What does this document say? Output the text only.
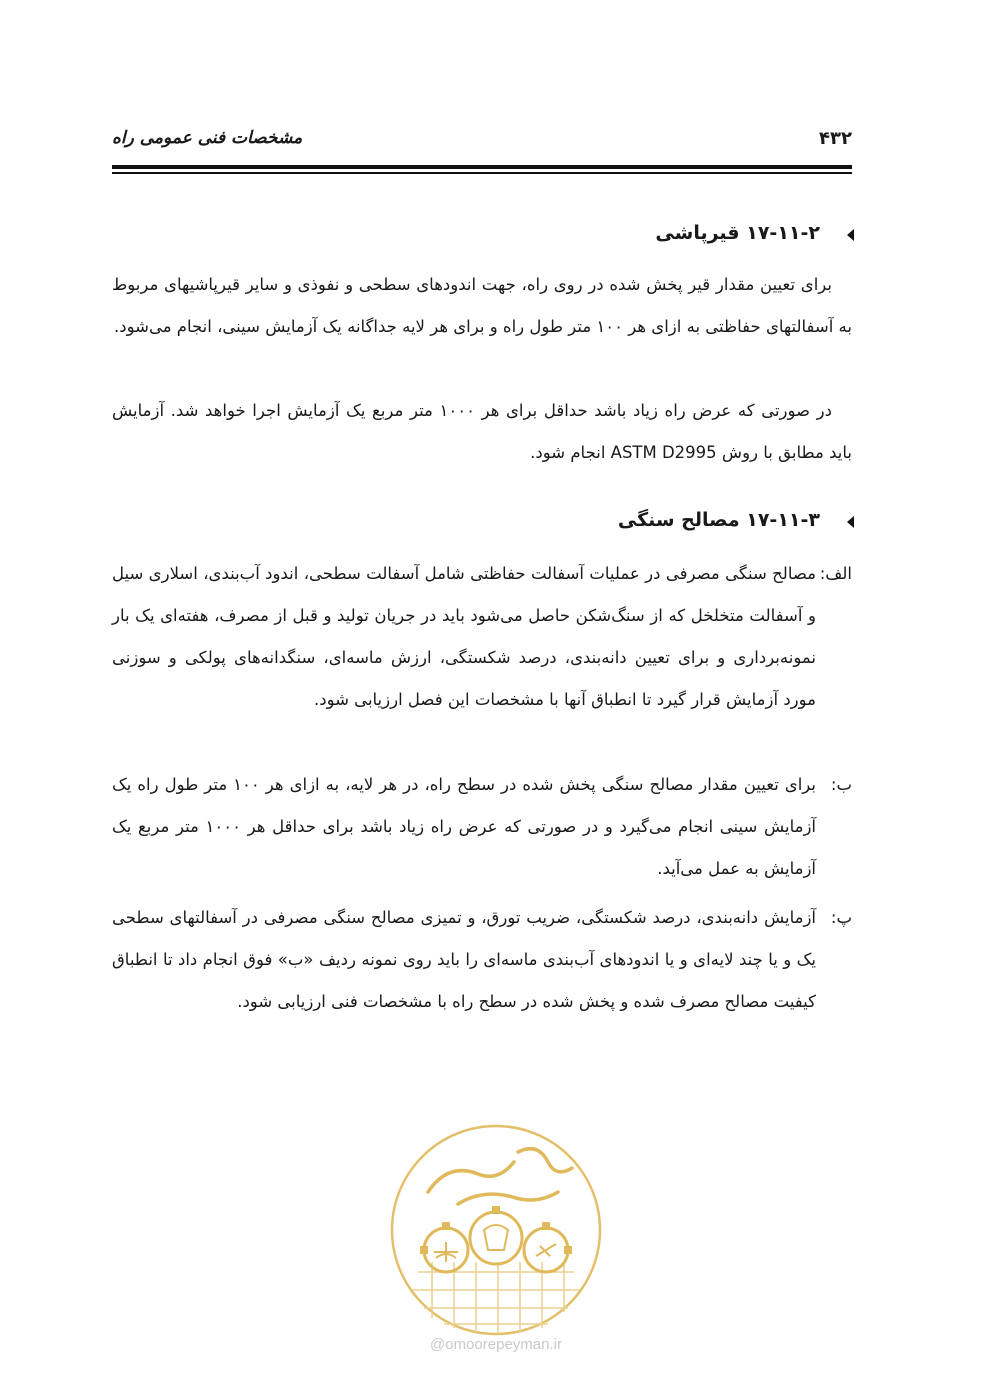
مشخصات فنی عمومی راه	۴۳۲
۱۷-۱۱-۲ قیرپاشی
برای تعیین مقدار قیر پخش شده در روی راه، جهت اندودهای سطحی و نفوذی و سایر قیرپاشیهای مربوط به آسفالتهای حفاظتی به ازای هر ۱۰۰ متر طول راه و برای هر لایه جداگانه یک آزمایش سینی، انجام می‌شود.
در صورتی که عرض راه زیاد باشد حداقل برای هر ۱۰۰۰ متر مربع یک آزمایش اجرا خواهد شد. آزمایش باید مطابق با روش ASTM D2995 انجام شود.
۱۷-۱۱-۳ مصالح سنگی
الف:
مصالح سنگی مصرفی در عملیات آسفالت حفاظتی شامل آسفالت سطحی، اندود آب‌بندی، اسلاری سیل و آسفالت متخلخل که از سنگ‌شکن حاصل می‌شود باید در جریان تولید و قبل از مصرف، هفته‌ای یک بار نمونه‌برداری و برای تعیین دانه‌بندی، درصد شکستگی، ارزش ماسه‌ای، سنگدانه‌های پولکی و سوزنی مورد آزمایش قرار گیرد تا انطباق آنها با مشخصات این فصل ارزیابی شود.
ب:
برای تعیین مقدار مصالح سنگی پخش شده در سطح راه، در هر لایه، به ازای هر ۱۰۰ متر طول راه یک آزمایش سینی انجام می‌گیرد و در صورتی که عرض راه زیاد باشد برای حداقل هر ۱۰۰۰ متر مربع یک آزمایش به عمل می‌آید.
پ:
آزمایش دانه‌بندی، درصد شکستگی، ضریب تورق، و تمیزی مصالح سنگی مصرفی در آسفالتهای سطحی یک و یا چند لایه‌ای و یا اندودهای آب‌بندی ماسه‌ای را باید روی نمونه ردیف «ب» فوق انجام داد تا انطباق کیفیت مصالح مصرف شده و پخش شده در سطح راه با مشخصات فنی ارزیابی شود.
@omoorepeyman.ir
